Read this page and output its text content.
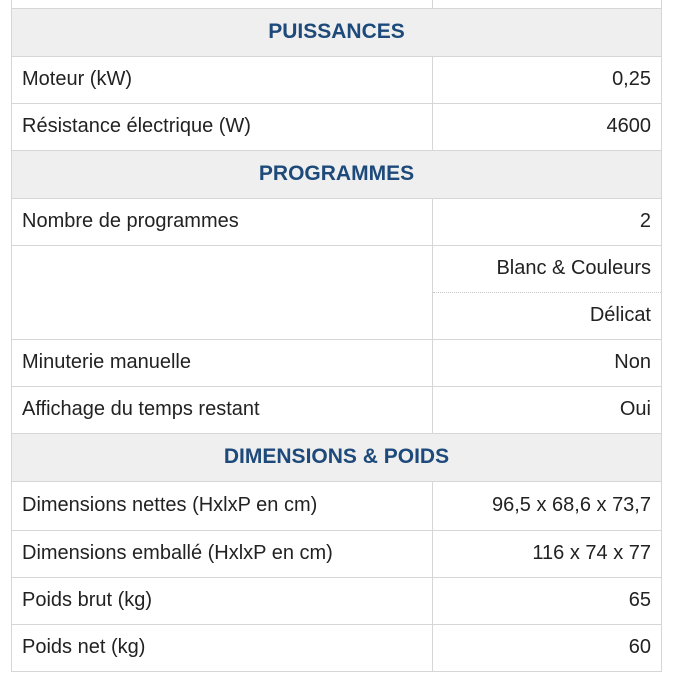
PUISSANCES	
Moteur (kW)	0,25
Résistance électrique (W)	4600
PROGRAMMES	
Nombre de programmes	2
	Blanc & Couleurs
	Délicat
Minuterie manuelle	Non
Affichage du temps restant	Oui
DIMENSIONS & POIDS	
Dimensions nettes (HxlxP en cm)	96,5 x 68,6 x 73,7
Dimensions emballé (HxlxP en cm)	116 x 74 x 77
Poids brut (kg)	65
Poids net (kg)	60
